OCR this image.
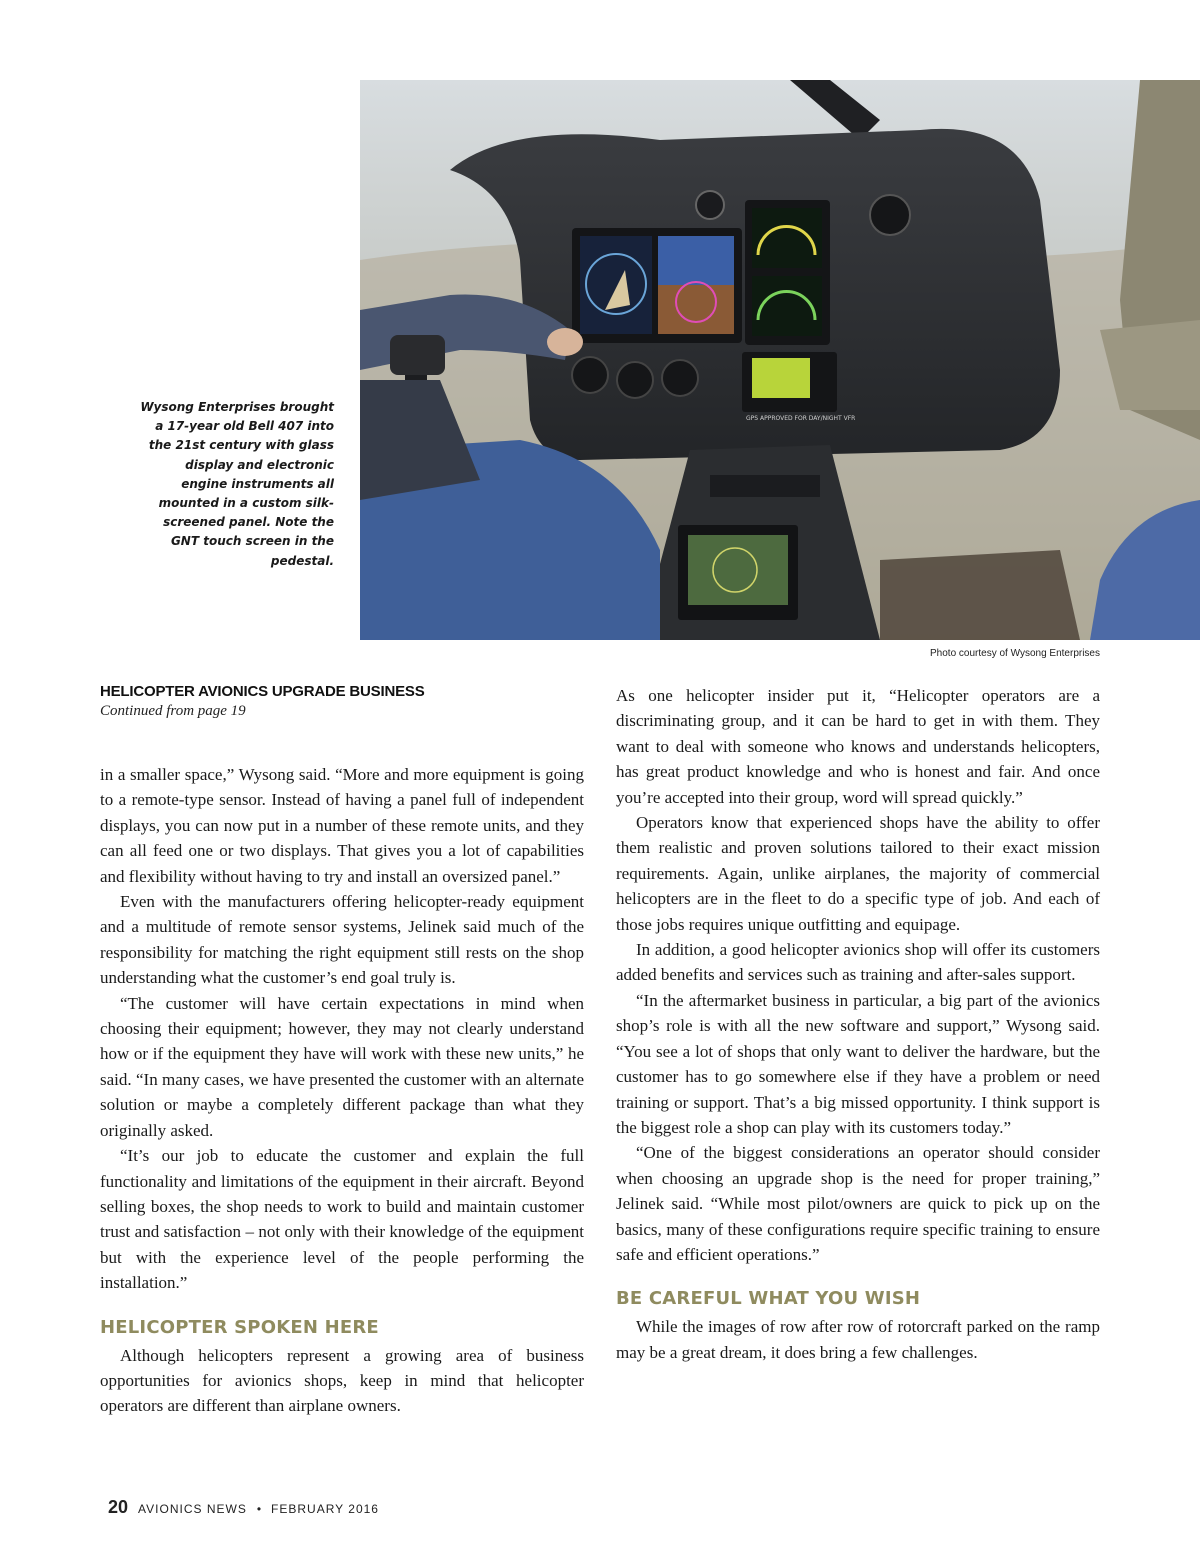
GPS APPROVED FOR DAY/NIGHT VFR
Wysong Enterprises brought a 17-year old Bell 407 into the 21st century with glass display and electronic engine instruments all mounted in a custom silk-screened panel. Note the GNT touch screen in the pedestal.
Photo courtesy of Wysong Enterprises
HELICOPTER AVIONICS UPGRADE BUSINESS
Continued from page 19

in a smaller space,” Wysong said. “More and more equipment is going to a remote-type sensor. Instead of having a panel full of independent displays, you can now put in a number of these remote units, and they can all feed one or two displays. That gives you a lot of capabilities and flexibility without having to try and install an oversized panel.”

Even with the manufacturers offering helicopter-ready equipment and a multitude of remote sensor systems, Jelinek said much of the responsibility for matching the right equipment still rests on the shop understanding what the customer’s end goal truly is.

“The customer will have certain expectations in mind when choosing their equipment; however, they may not clearly understand how or if the equipment they have will work with these new units,” he said. “In many cases, we have presented the customer with an alternate solution or maybe a completely different package than what they originally asked.

“It’s our job to educate the customer and explain the full functionality and limitations of the equipment in their aircraft. Beyond selling boxes, the shop needs to work to build and maintain customer trust and satisfaction – not only with their knowledge of the equipment but with the experience level of the people performing the installation.”

HELICOPTER SPOKEN HERE

Although helicopters represent a growing area of business opportunities for avionics shops, keep in mind that helicopter operators are different than airplane owners.

As one helicopter insider put it, “Helicopter operators are a discriminating group, and it can be hard to get in with them. They want to deal with someone who knows and understands helicopters, has great product knowledge and who is honest and fair. And once you’re accepted into their group, word will spread quickly.”

Operators know that experienced shops have the ability to offer them realistic and proven solutions tailored to their exact mission requirements. Again, unlike airplanes, the majority of commercial helicopters are in the fleet to do a specific type of job. And each of those jobs requires unique outfitting and equipage.

In addition, a good helicopter avionics shop will offer its customers added benefits and services such as training and after-sales support.

“In the aftermarket business in particular, a big part of the avionics shop’s role is with all the new software and support,” Wysong said. “You see a lot of shops that only want to deliver the hardware, but the customer has to go somewhere else if they have a problem or need training or support. That’s a big missed opportunity. I think support is the biggest role a shop can play with its customers today.”

“One of the biggest considerations an operator should consider when choosing an upgrade shop is the need for proper training,” Jelinek said. “While most pilot/owners are quick to pick up on the basics, many of these configurations require specific training to ensure safe and efficient operations.”

BE CAREFUL WHAT YOU WISH

While the images of row after row of rotorcraft parked on the ramp may be a great dream, it does bring a few challenges.

20 AVIONICS NEWS • FEBRUARY 2016
